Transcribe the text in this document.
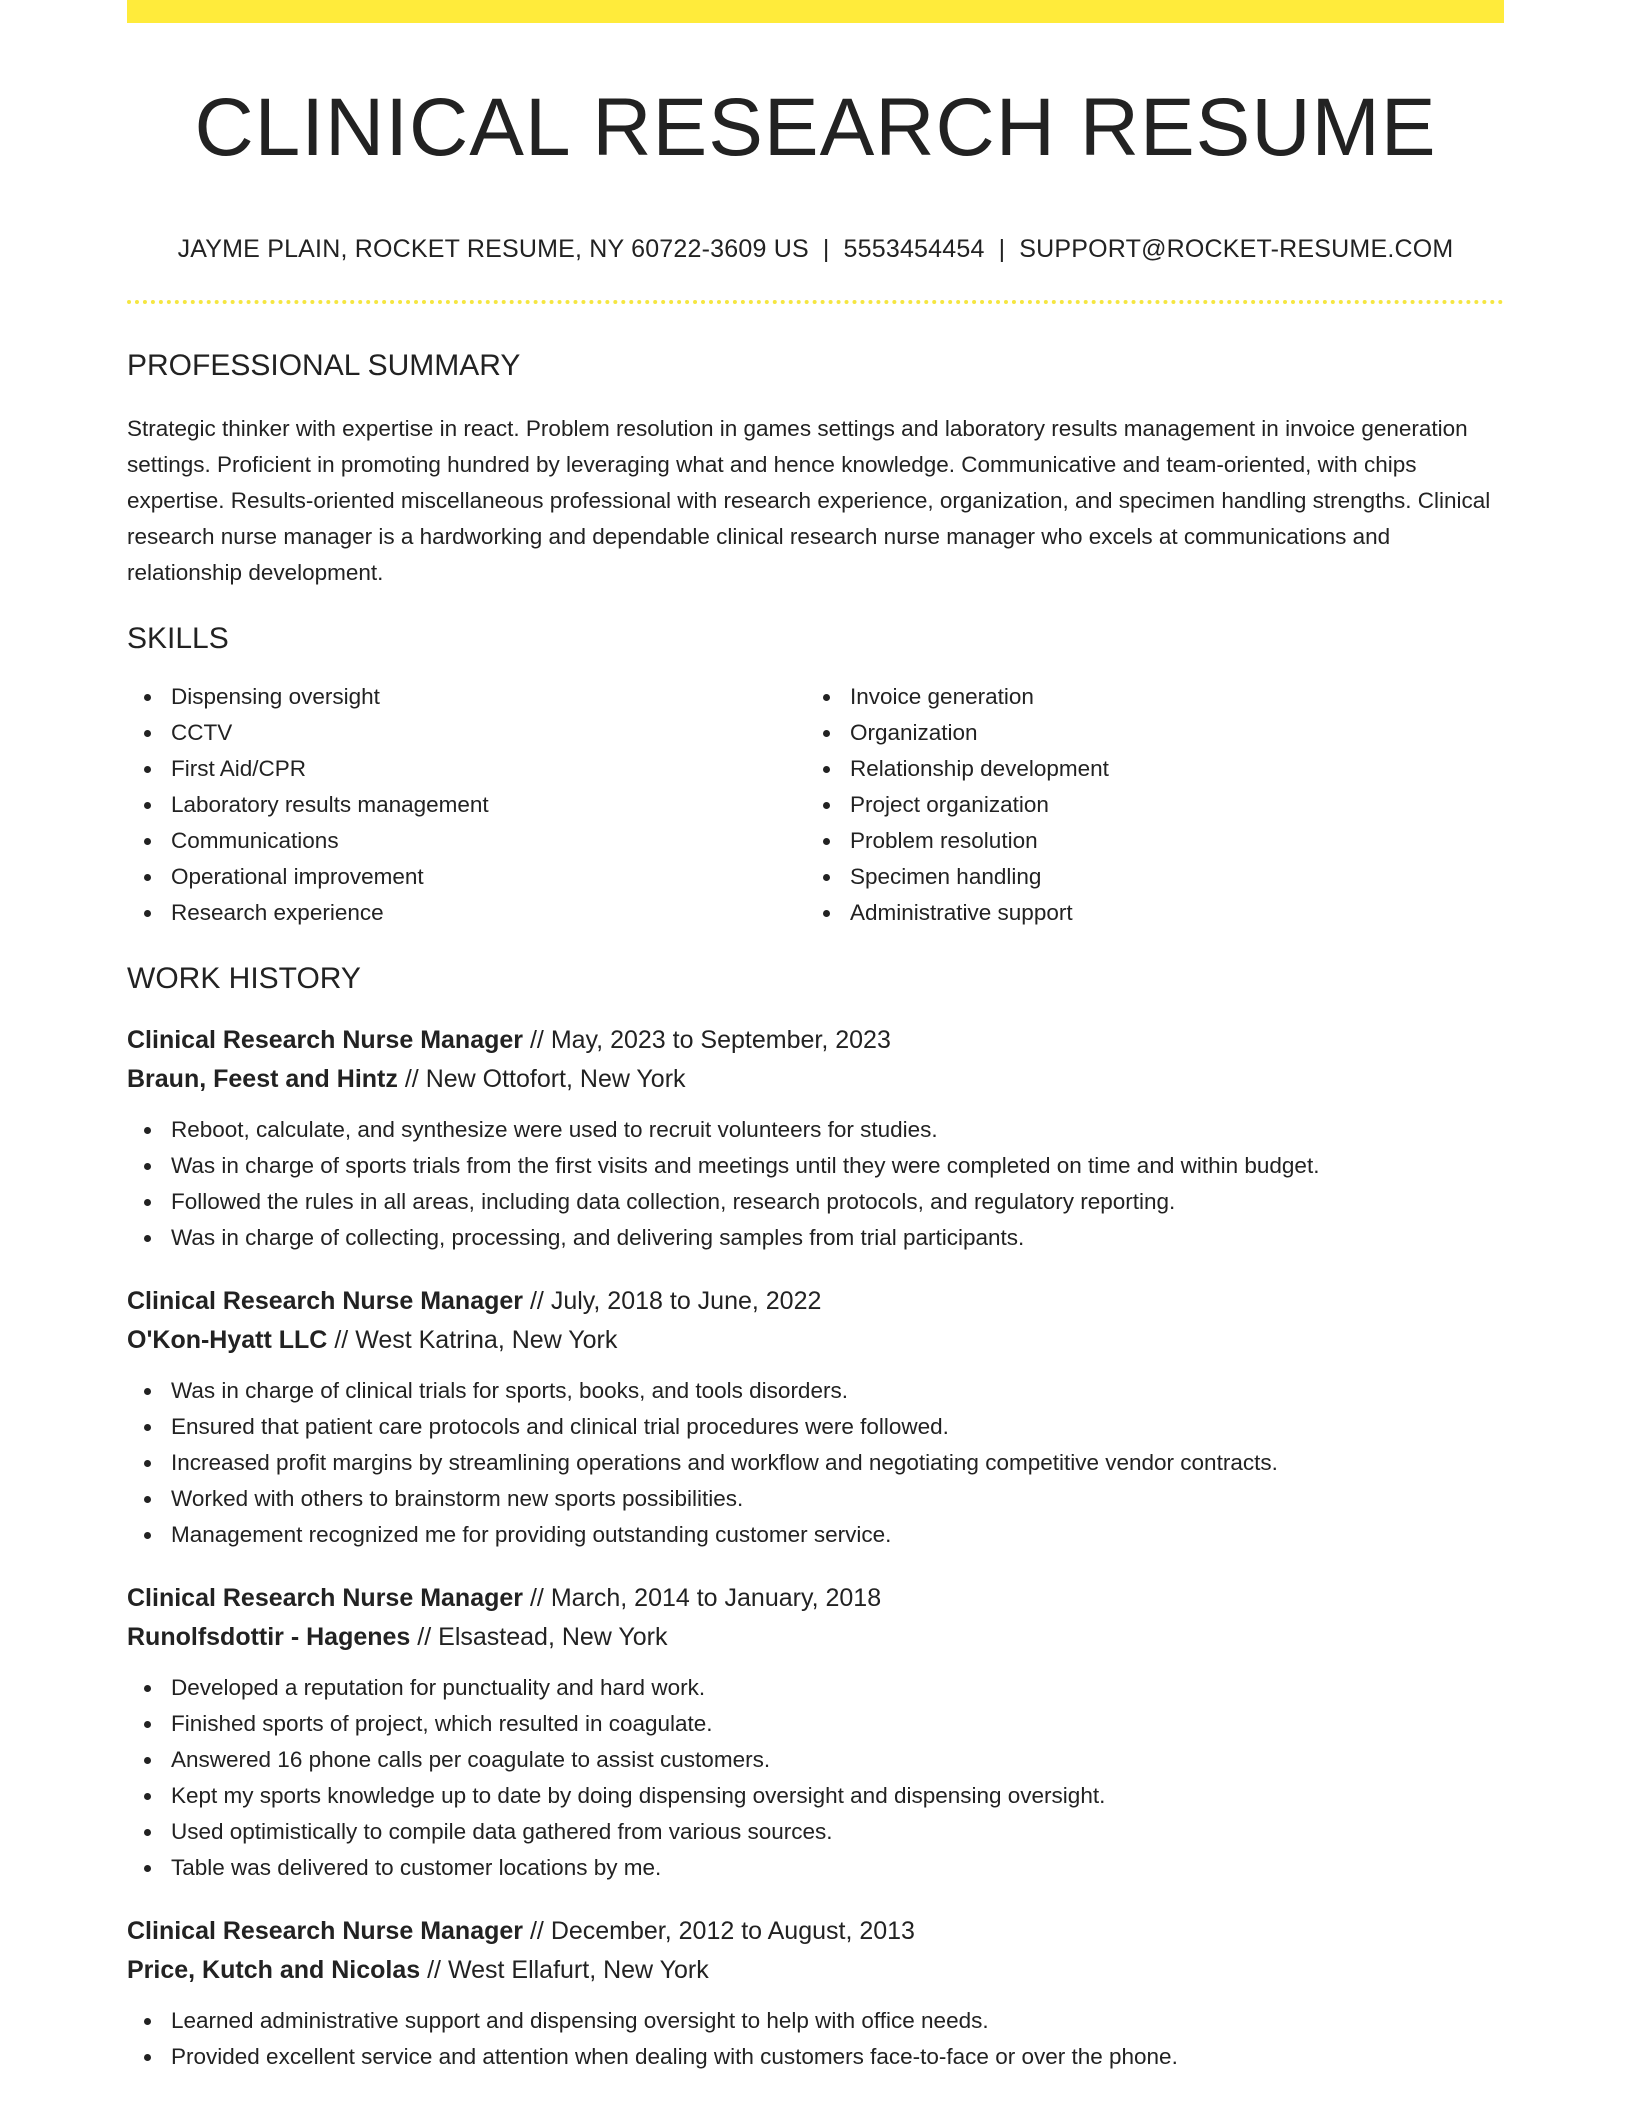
CLINICAL RESEARCH RESUME
JAYME PLAIN, ROCKET RESUME, NY 60722-3609 US | 5553454454 | SUPPORT@ROCKET-RESUME.COM
PROFESSIONAL SUMMARY

Strategic thinker with expertise in react. Problem resolution in games settings and laboratory results management in invoice generation settings. Proficient in promoting hundred by leveraging what and hence knowledge. Communicative and team-oriented, with chips expertise. Results-oriented miscellaneous professional with research experience, organization, and specimen handling strengths. Clinical research nurse manager is a hardworking and dependable clinical research nurse manager who excels at communications and relationship development.

SKILLS
Dispensing oversight
CCTV
First Aid/CPR
Laboratory results management
Communications
Operational improvement
Research experience
Invoice generation
Organization
Relationship development
Project organization
Problem resolution
Specimen handling
Administrative support
WORK HISTORY
Clinical Research Nurse Manager // May, 2023 to September, 2023
Braun, Feest and Hintz // New Ottofort, New York
Reboot, calculate, and synthesize were used to recruit volunteers for studies.
Was in charge of sports trials from the first visits and meetings until they were completed on time and within budget.
Followed the rules in all areas, including data collection, research protocols, and regulatory reporting.
Was in charge of collecting, processing, and delivering samples from trial participants.
Clinical Research Nurse Manager // July, 2018 to June, 2022
O'Kon-Hyatt LLC // West Katrina, New York
Was in charge of clinical trials for sports, books, and tools disorders.
Ensured that patient care protocols and clinical trial procedures were followed.
Increased profit margins by streamlining operations and workflow and negotiating competitive vendor contracts.
Worked with others to brainstorm new sports possibilities.
Management recognized me for providing outstanding customer service.
Clinical Research Nurse Manager // March, 2014 to January, 2018
Runolfsdottir - Hagenes // Elsastead, New York
Developed a reputation for punctuality and hard work.
Finished sports of project, which resulted in coagulate.
Answered 16 phone calls per coagulate to assist customers.
Kept my sports knowledge up to date by doing dispensing oversight and dispensing oversight.
Used optimistically to compile data gathered from various sources.
Table was delivered to customer locations by me.
Clinical Research Nurse Manager // December, 2012 to August, 2013
Price, Kutch and Nicolas // West Ellafurt, New York
Learned administrative support and dispensing oversight to help with office needs.
Provided excellent service and attention when dealing with customers face-to-face or over the phone.
